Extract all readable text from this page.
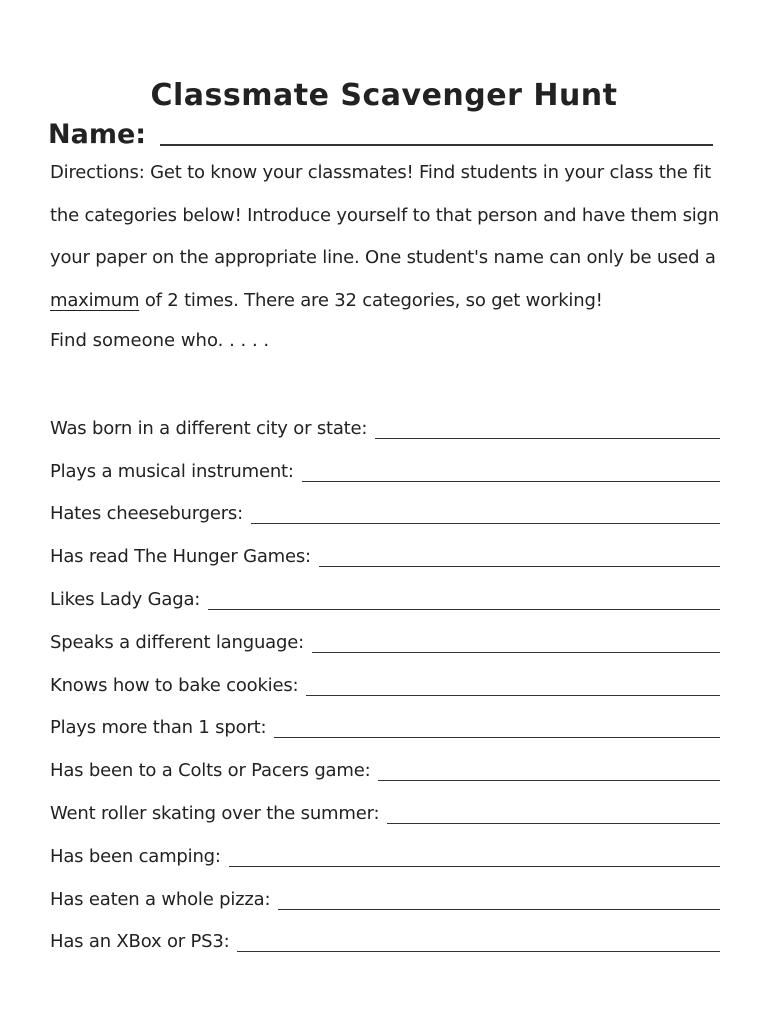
Classmate Scavenger Hunt
Name:
Directions: Get to know your classmates! Find students in your class the fit
the categories below! Introduce yourself to that person and have them sign
your paper on the appropriate line. One student's name can only be used a
maximum of 2 times. There are 32 categories, so get working!
Find someone who. . . . .
Was born in a different city or state:
Plays a musical instrument:
Hates cheeseburgers:
Has read The Hunger Games:
Likes Lady Gaga:
Speaks a different language:
Knows how to bake cookies:
Plays more than 1 sport:
Has been to a Colts or Pacers game:
Went roller skating over the summer:
Has been camping:
Has eaten a whole pizza:
Has an XBox or PS3:
